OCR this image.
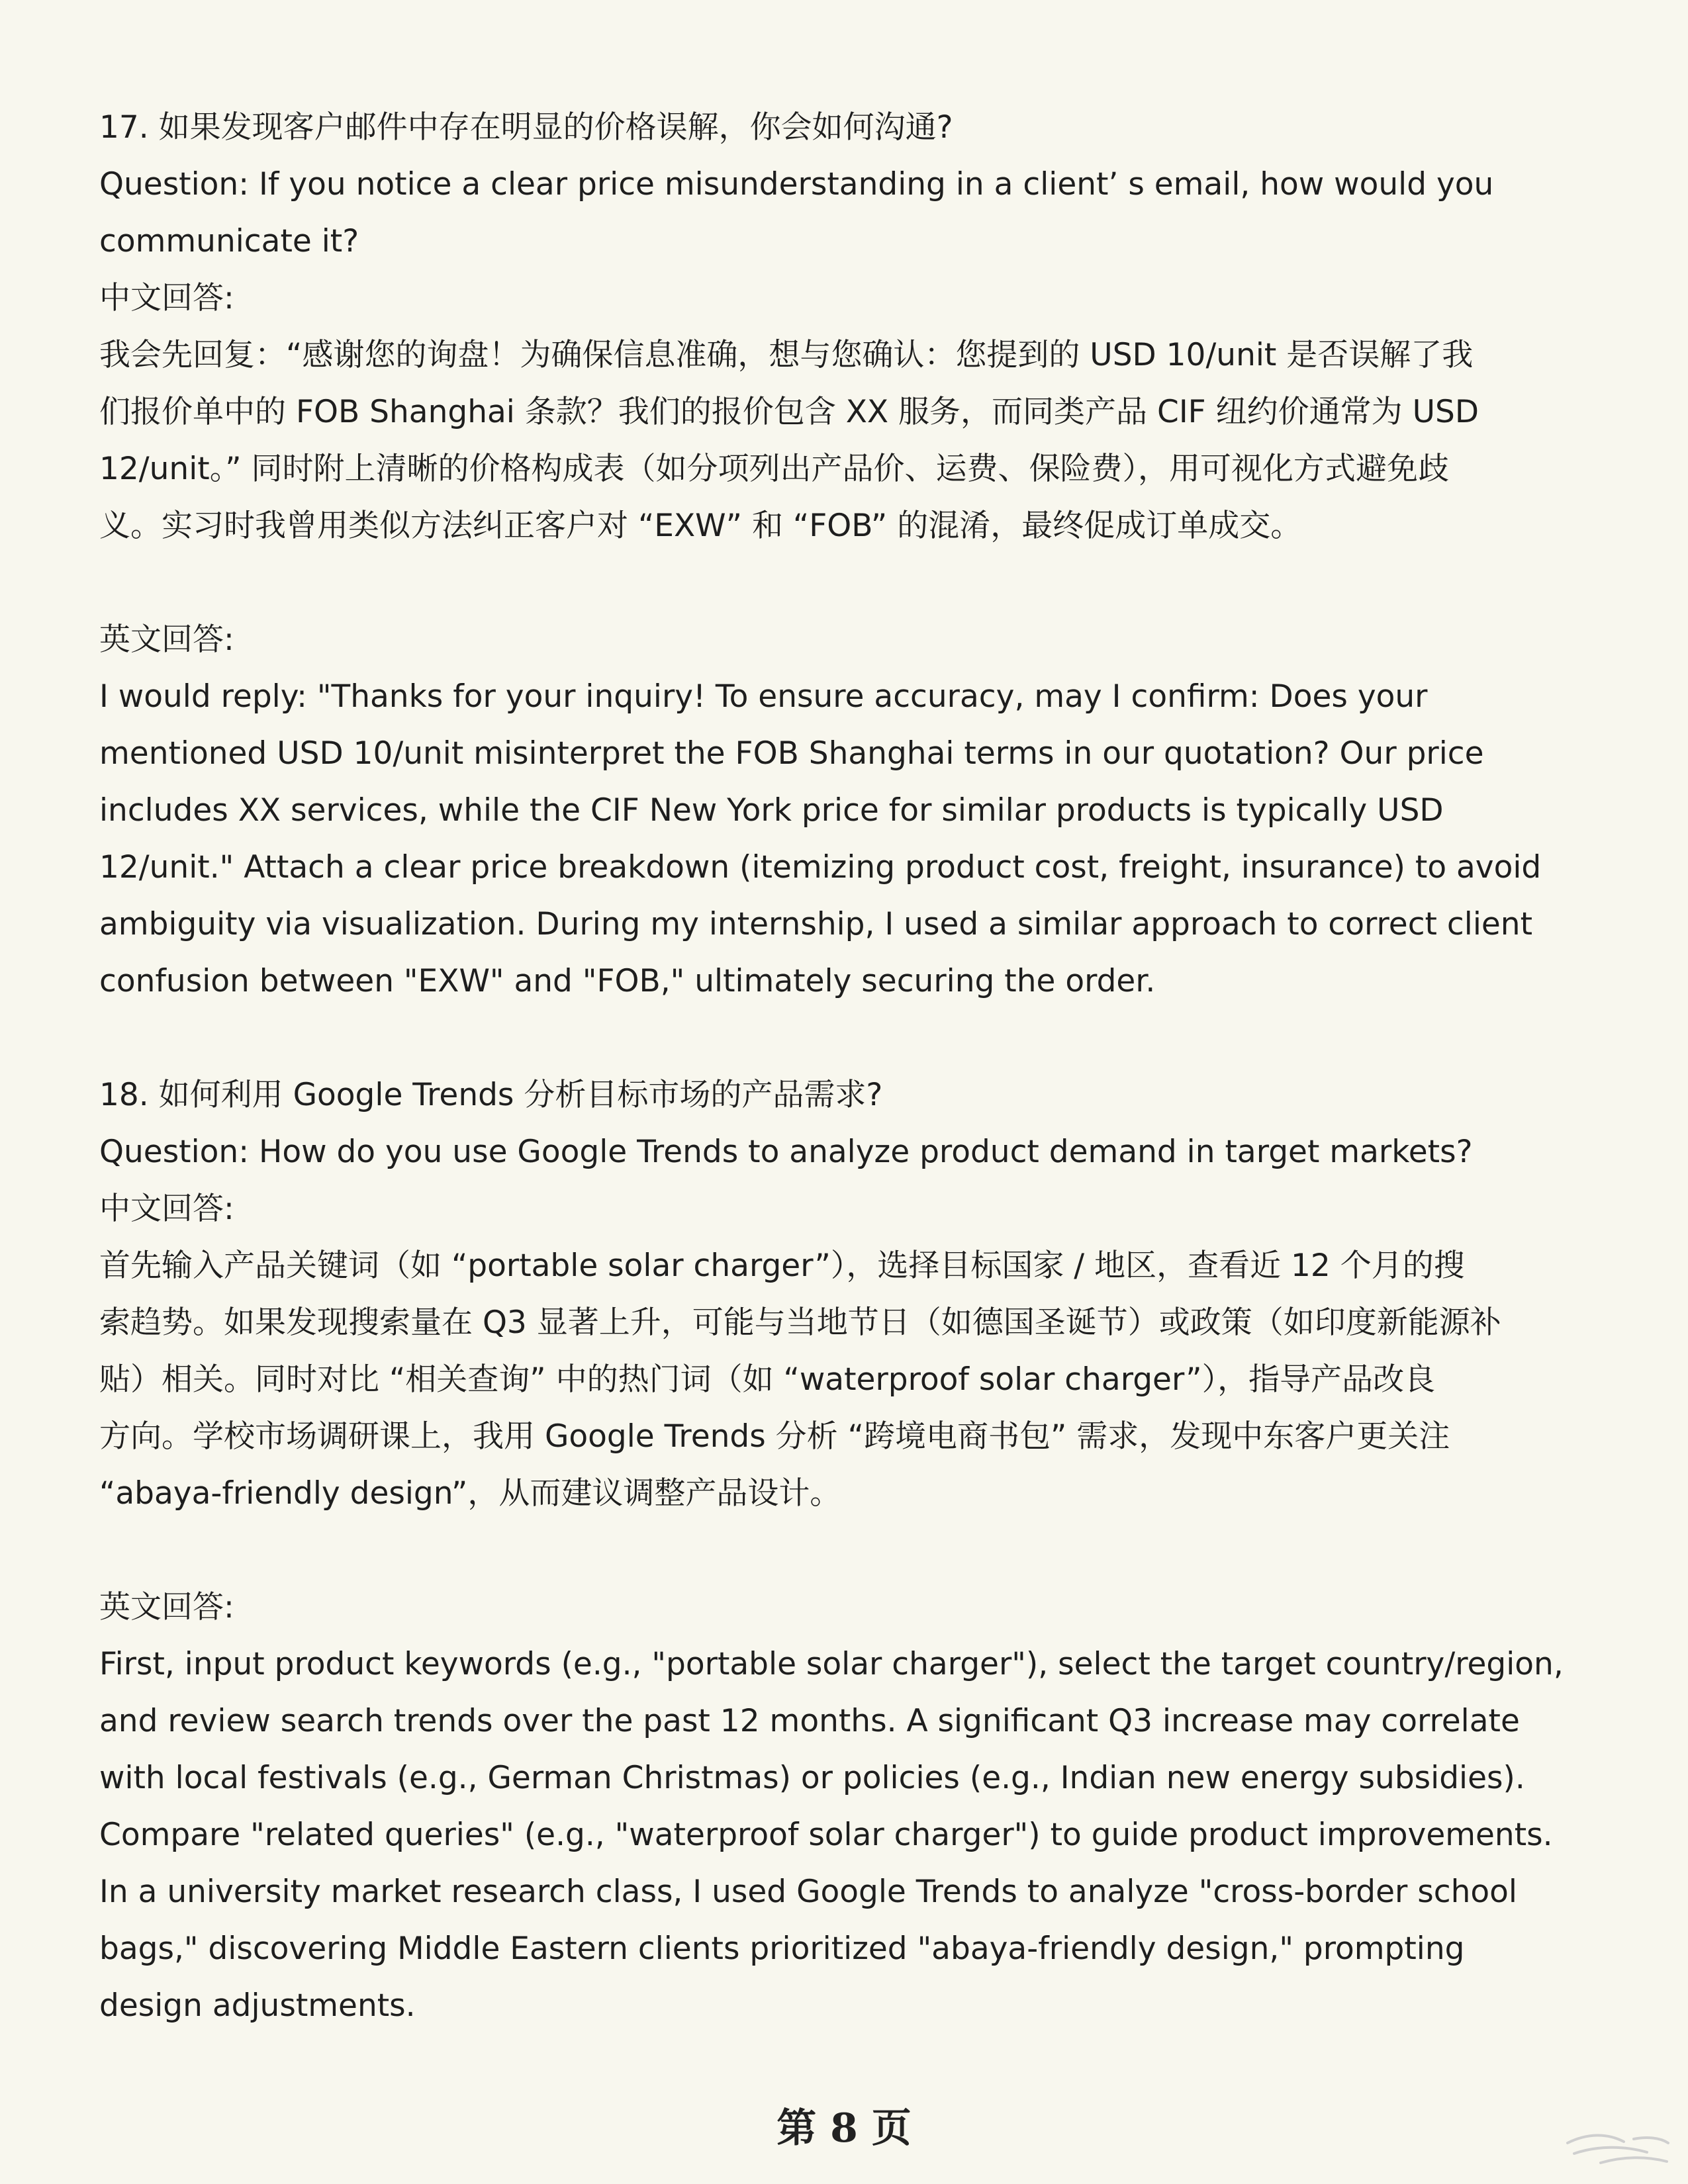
17. 如果发现客户邮件中存在明显的价格误解，你会如何沟通?
Question: If you notice a clear price misunderstanding in a client’ s email, how would you
communicate it?
中文回答:
我会先回复：“感谢您的询盘！为确保信息准确，想与您确认：您提到的 USD 10/unit 是否误解了我
们报价单中的 FOB Shanghai 条款？我们的报价包含 XX 服务，而同类产品 CIF 纽约价通常为 USD
12/unit。” 同时附上清晰的价格构成表（如分项列出产品价、运费、保险费），用可视化方式避免歧
义。实习时我曾用类似方法纠正客户对 “EXW” 和 “FOB” 的混淆，最终促成订单成交。
英文回答:
I would reply: "Thanks for your inquiry! To ensure accuracy, may I confirm: Does your
mentioned USD 10/unit misinterpret the FOB Shanghai terms in our quotation? Our price
includes XX services, while the CIF New York price for similar products is typically USD
12/unit." Attach a clear price breakdown (itemizing product cost, freight, insurance) to avoid
ambiguity via visualization. During my internship, I used a similar approach to correct client
confusion between "EXW" and "FOB," ultimately securing the order.
18. 如何利用 Google Trends 分析目标市场的产品需求?
Question: How do you use Google Trends to analyze product demand in target markets?
中文回答:
首先输入产品关键词（如 “portable solar charger”），选择目标国家 / 地区，查看近 12 个月的搜
索趋势。如果发现搜索量在 Q3 显著上升，可能与当地节日（如德国圣诞节）或政策（如印度新能源补
贴）相关。同时对比 “相关查询” 中的热门词（如 “waterproof solar charger”），指导产品改良
方向。学校市场调研课上，我用 Google Trends 分析 “跨境电商书包” 需求，发现中东客户更关注
“abaya-friendly design”，从而建议调整产品设计。
英文回答:
First, input product keywords (e.g., "portable solar charger"), select the target country/region,
and review search trends over the past 12 months. A significant Q3 increase may correlate
with local festivals (e.g., German Christmas) or policies (e.g., Indian new energy subsidies).
Compare "related queries" (e.g., "waterproof solar charger") to guide product improvements.
In a university market research class, I used Google Trends to analyze "cross-border school
bags," discovering Middle Eastern clients prioritized "abaya-friendly design," prompting
design adjustments.
第 8 页
